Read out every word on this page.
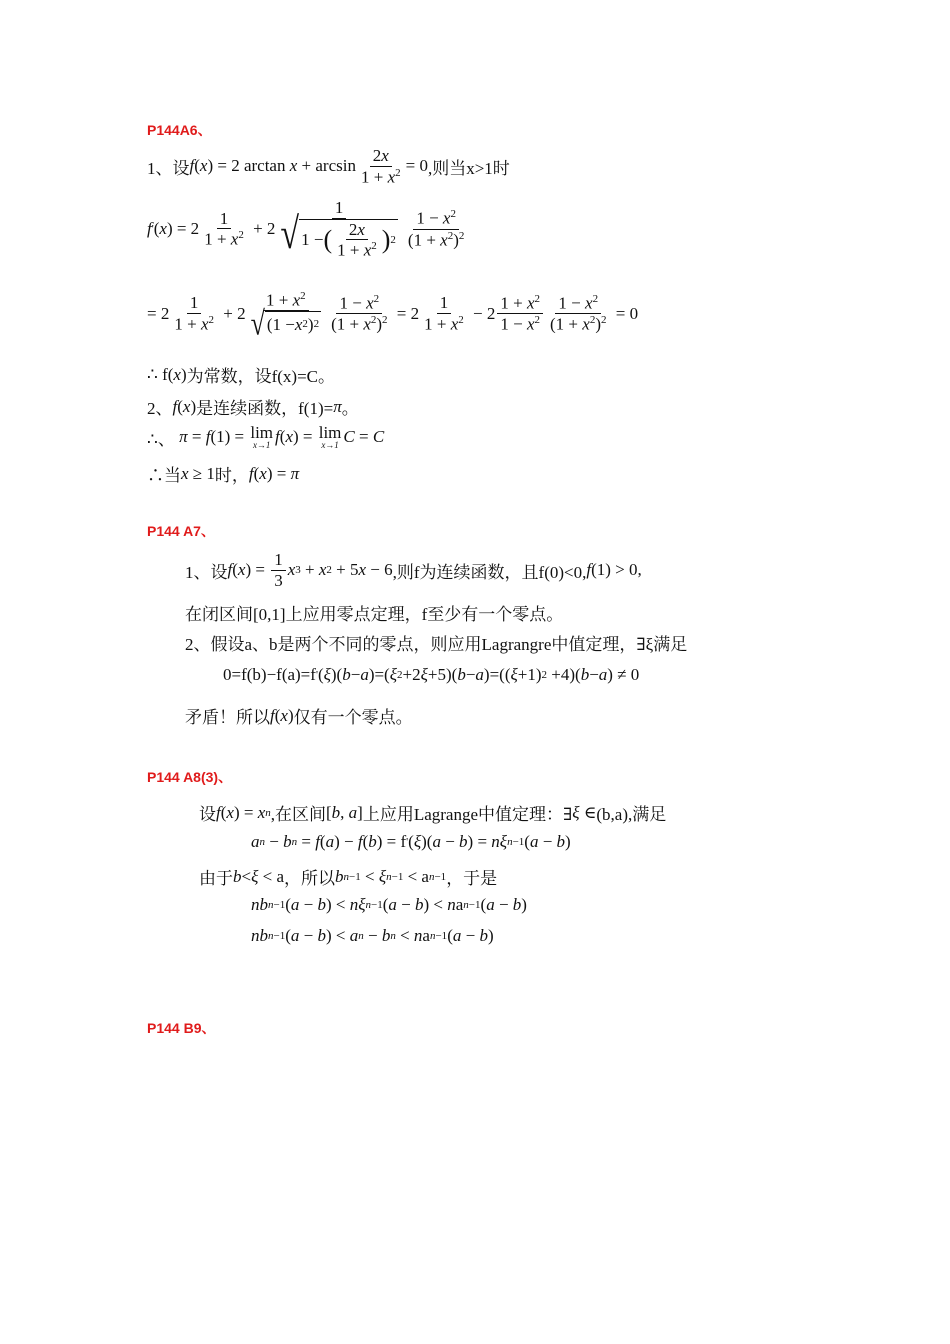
P144A6、
1、设 f ( x ) = 2 $\arctan x + \arcsin \frac{2x}{1 + x^2} = 0$ ,则当x>1时
f ' ( x ) = $2 \frac{1}{1 + x^2} + 2 \frac{1}{√ 1 - ( \frac{2x}{1 + x^2} ) 2} \frac{1 - x^2}{(1 + x^2)^2}$
= $2 \frac{1}{1 + x^2} + 2 \frac{1 + x^2}{√ (1 - x 2 ) 2} \frac{1 - x^2}{(1 + x^2)^2} = 2 \frac{1}{1 + x^2} - 2 \frac{1 + x^2}{1 - x^2} \frac{1 - x^2}{(1 + x^2)^2} = 0$
∴ f( x ) 为常数，设f(x)=C。
2、 f ( x ) 是连续函数，f(1)= π 。
∴、
π = f (1) = lim
x→1 f ( x ) = lim
x→1 C = C
∴当 x ≥ 1 时， f ( x ) = π
P144 A7、
1、设 f ( x ) = $\frac{1}{3}$ x 3 + x 2 + 5 x − 6 ,则f为连续函数，且f(0)<0, f (1) > 0,
在闭区间[0,1]上应用零点定理，f至少有一个零点。
2、假设a、b是两个不同的零点，则应用Lagrangre中值定理，∃ξ满足
0=f(b)−f(a)= f ' ( ξ )( b − a )=( ξ 2 +2 ξ +5)( b − a )=(( ξ +1) 2 +4)( b − a ) ≠ 0
矛盾！所以 f ( x ) 仅有一个零点。
P144 A8(3)、
设 f ( x ) = x n ,在区间 [ b , a ] 上应用Lagrange中值定理：∃ ξ ∈ (b,a),满足
a n − b n = f ( a ) − f ( b ) = f ' ( ξ )( a − b ) = nξ n−1 ( a − b )
由于 b < ξ < a ，所以 b n−1 < ξ n−1 < a n−1 ，于是
nb n−1 ( a − b ) < nξ n−1 ( a − b ) < n a n−1 ( a − b )
nb n−1 ( a − b ) < a n − b n < n a n−1 ( a − b )
P144 B9、
